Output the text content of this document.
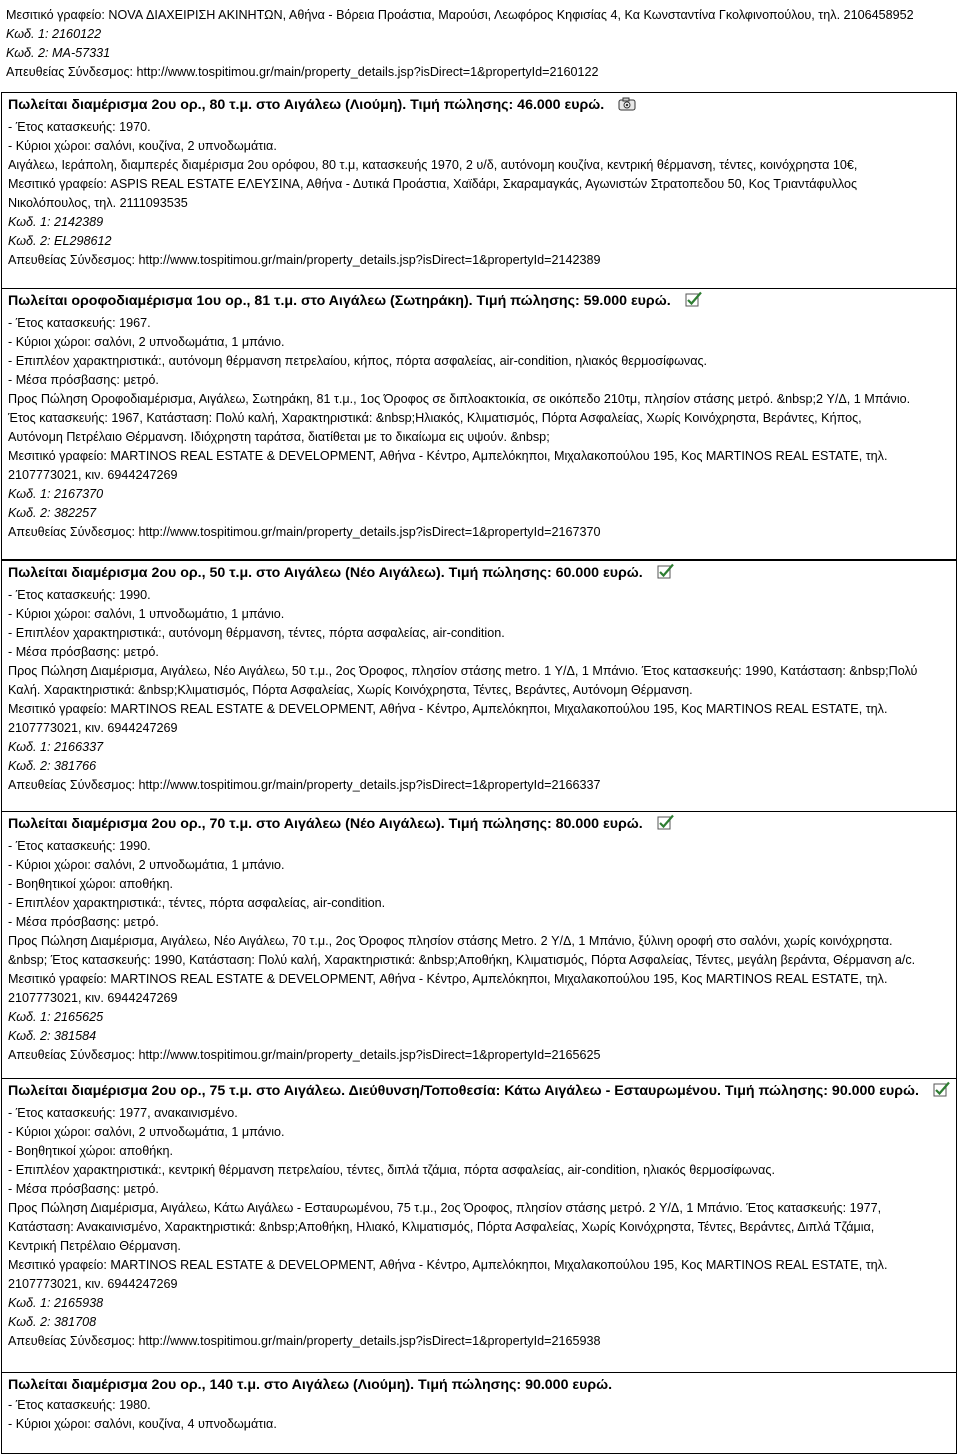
Μεσιτικό γραφείο: NOVA ΔΙΑΧΕΙΡΙΣΗ ΑΚΙΝΗΤΩΝ, Αθήνα - Βόρεια Προάστια, Μαρούσι, Λεωφόρος Κηφισίας 4, Κα Κωνσταντίνα Γκολφινοπούλου, τηλ. 2106458952

Κωδ. 1: 2160122

Κωδ. 2: MA-57331

Απευθείας Σύνδεσμος: http://www.tospitimou.gr/main/property_details.jsp?isDirect=1&propertyId=2160122

Πωλείται διαμέρισμα 2ου ορ., 80 τ.μ. στο Αιγάλεω (Λιούμη). Τιμή πώλησης: 46.000 ευρώ.

- Έτος κατασκευής: 1970.

- Κύριοι χώροι: σαλόνι, κουζίνα, 2 υπνοδωμάτια.

Αιγάλεω, Ιεράπολη, διαμπερές διαμέρισμα 2ου ορόφου, 80 τ.μ, κατασκευής 1970, 2 υ/δ, αυτόνομη κουζίνα, κεντρική θέρμανση, τέντες, κοινόχρηστα 10€,

Μεσιτικό γραφείο: ASPIS REAL ESTATE ΕΛΕΥΣΙΝΑ, Αθήνα - Δυτικά Προάστια, Χαϊδάρι, Σκαραμαγκάς, Αγωνιστών Στρατοπεδου 50, Κος Τριαντάφυλλος

Νικολόπουλος, τηλ. 2111093535

Κωδ. 1: 2142389

Κωδ. 2: EL298612

Απευθείας Σύνδεσμος: http://www.tospitimou.gr/main/property_details.jsp?isDirect=1&propertyId=2142389

Πωλείται οροφοδιαμέρισμα 1ου ορ., 81 τ.μ. στο Αιγάλεω (Σωτηράκη). Τιμή πώλησης: 59.000 ευρώ.

- Έτος κατασκευής: 1967.

- Κύριοι χώροι: σαλόνι, 2 υπνοδωμάτια, 1 μπάνιο.

- Επιπλέον χαρακτηριστικά:, αυτόνομη θέρμανση πετρελαίου, κήπος, πόρτα ασφαλείας, air-condition, ηλιακός θερμοσίφωνας.

- Μέσα πρόσβασης: μετρό.

Προς Πώληση Οροφοδιαμέρισμα, Αιγάλεω, Σωτηράκη, 81 τ.μ., 1ος Όροφος σε διπλοακτοικία, σε οικόπεδο 210τμ, πλησίον στάσης μετρό. &nbsp;2 Υ/Δ, 1 Μπάνιο.

Έτος κατασκευής: 1967, Κατάσταση: Πολύ καλή, Χαρακτηριστικά: &nbsp;Ηλιακός, Κλιματισμός, Πόρτα Ασφαλείας, Χωρίς Κοινόχρηστα, Βεράντες, Κήπος,

Αυτόνομη Πετρέλαιο Θέρμανση. Ιδιόχρηστη ταράτσα, διατίθεται με το δικαίωμα εις υψούν. &nbsp;

Μεσιτικό γραφείο: MARTINOS REAL ESTATE & DEVELOPMENT, Αθήνα - Κέντρο, Αμπελόκηποι, Μιχαλακοπούλου 195, Κος MARTINOS REAL ESTATE, τηλ.

2107773021, κιν. 6944247269

Κωδ. 1: 2167370

Κωδ. 2: 382257

Απευθείας Σύνδεσμος: http://www.tospitimou.gr/main/property_details.jsp?isDirect=1&propertyId=2167370

Πωλείται διαμέρισμα 2ου ορ., 50 τ.μ. στο Αιγάλεω (Νέο Αιγάλεω). Τιμή πώλησης: 60.000 ευρώ.

- Έτος κατασκευής: 1990.

- Κύριοι χώροι: σαλόνι, 1 υπνοδωμάτιο, 1 μπάνιο.

- Επιπλέον χαρακτηριστικά:, αυτόνομη θέρμανση, τέντες, πόρτα ασφαλείας, air-condition.

- Μέσα πρόσβασης: μετρό.

Προς Πώληση Διαμέρισμα, Αιγάλεω, Νέο Αιγάλεω, 50 τ.μ., 2ος Όροφος, πλησίον στάσης metro. 1 Υ/Δ, 1 Μπάνιο. Έτος κατασκευής: 1990, Κατάσταση: &nbsp;Πολύ

Καλή. Χαρακτηριστικά: &nbsp;Κλιματισμός, Πόρτα Ασφαλείας, Χωρίς Κοινόχρηστα, Τέντες, Βεράντες, Αυτόνομη Θέρμανση.

Μεσιτικό γραφείο: MARTINOS REAL ESTATE & DEVELOPMENT, Αθήνα - Κέντρο, Αμπελόκηποι, Μιχαλακοπούλου 195, Κος MARTINOS REAL ESTATE, τηλ.

2107773021, κιν. 6944247269

Κωδ. 1: 2166337

Κωδ. 2: 381766

Απευθείας Σύνδεσμος: http://www.tospitimou.gr/main/property_details.jsp?isDirect=1&propertyId=2166337

Πωλείται διαμέρισμα 2ου ορ., 70 τ.μ. στο Αιγάλεω (Νέο Αιγάλεω). Τιμή πώλησης: 80.000 ευρώ.

- Έτος κατασκευής: 1990.

- Κύριοι χώροι: σαλόνι, 2 υπνοδωμάτια, 1 μπάνιο.

- Βοηθητικοί χώροι: αποθήκη.

- Επιπλέον χαρακτηριστικά:, τέντες, πόρτα ασφαλείας, air-condition.

- Μέσα πρόσβασης: μετρό.

Προς Πώληση Διαμέρισμα, Αιγάλεω, Νέο Αιγάλεω, 70 τ.μ., 2ος Όροφος πλησίον στάσης Metro. 2 Υ/Δ, 1 Μπάνιο, ξύλινη οροφή στο σαλόνι, χωρίς κοινόχρηστα.

&nbsp; Έτος κατασκευής: 1990, Κατάσταση: Πολύ καλή, Χαρακτηριστικά: &nbsp;Αποθήκη, Κλιματισμός, Πόρτα Ασφαλείας, Τέντες, μεγάλη βεράντα, Θέρμανση a/c.

Μεσιτικό γραφείο: MARTINOS REAL ESTATE & DEVELOPMENT, Αθήνα - Κέντρο, Αμπελόκηποι, Μιχαλακοπούλου 195, Κος MARTINOS REAL ESTATE, τηλ.

2107773021, κιν. 6944247269

Κωδ. 1: 2165625

Κωδ. 2: 381584

Απευθείας Σύνδεσμος: http://www.tospitimou.gr/main/property_details.jsp?isDirect=1&propertyId=2165625

Πωλείται διαμέρισμα 2ου ορ., 75 τ.μ. στο Αιγάλεω. Διεύθυνση/Τοποθεσία: Κάτω Αιγάλεω - Εσταυρωμένου. Τιμή πώλησης: 90.000 ευρώ.

- Έτος κατασκευής: 1977, ανακαινισμένο.

- Κύριοι χώροι: σαλόνι, 2 υπνοδωμάτια, 1 μπάνιο.

- Βοηθητικοί χώροι: αποθήκη.

- Επιπλέον χαρακτηριστικά:, κεντρική θέρμανση πετρελαίου, τέντες, διπλά τζάμια, πόρτα ασφαλείας, air-condition, ηλιακός θερμοσίφωνας.

- Μέσα πρόσβασης: μετρό.

Προς Πώληση Διαμέρισμα, Αιγάλεω, Κάτω Αιγάλεω - Εσταυρωμένου, 75 τ.μ., 2ος Όροφος, πλησίον στάσης μετρό. 2 Υ/Δ, 1 Μπάνιο. Έτος κατασκευής: 1977,

Κατάσταση: Ανακαινισμένο, Χαρακτηριστικά: &nbsp;Αποθήκη, Ηλιακό, Κλιματισμός, Πόρτα Ασφαλείας, Χωρίς Κοινόχρηστα, Τέντες, Βεράντες, Διπλά Τζάμια,

Κεντρική Πετρέλαιο Θέρμανση.

Μεσιτικό γραφείο: MARTINOS REAL ESTATE & DEVELOPMENT, Αθήνα - Κέντρο, Αμπελόκηποι, Μιχαλακοπούλου 195, Κος MARTINOS REAL ESTATE, τηλ.

2107773021, κιν. 6944247269

Κωδ. 1: 2165938

Κωδ. 2: 381708

Απευθείας Σύνδεσμος: http://www.tospitimou.gr/main/property_details.jsp?isDirect=1&propertyId=2165938

Πωλείται διαμέρισμα 2ου ορ., 140 τ.μ. στο Αιγάλεω (Λιούμη). Τιμή πώλησης: 90.000 ευρώ.

- Έτος κατασκευής: 1980.

- Κύριοι χώροι: σαλόνι, κουζίνα, 4 υπνοδωμάτια.
